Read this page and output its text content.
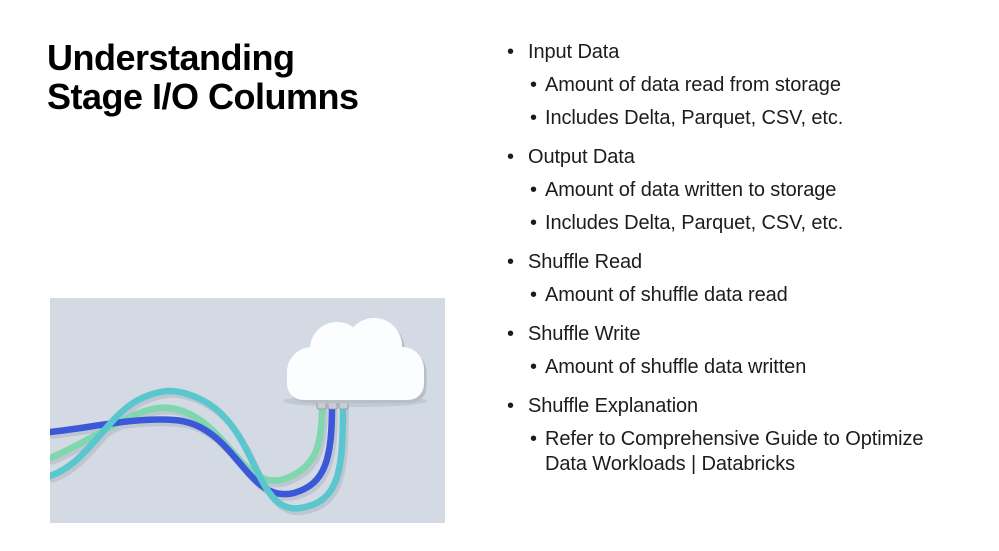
Understanding
Stage I/O Columns
• Input Data
• Amount of data read from storage
• Includes Delta, Parquet, CSV, etc.
• Output Data
• Amount of data written to storage
• Includes Delta, Parquet, CSV, etc.
• Shuffle Read
• Amount of shuffle data read
• Shuffle Write
• Amount of shuffle data written
• Shuffle Explanation
• Refer to Comprehensive Guide to Optimize Data Workloads | Databricks
